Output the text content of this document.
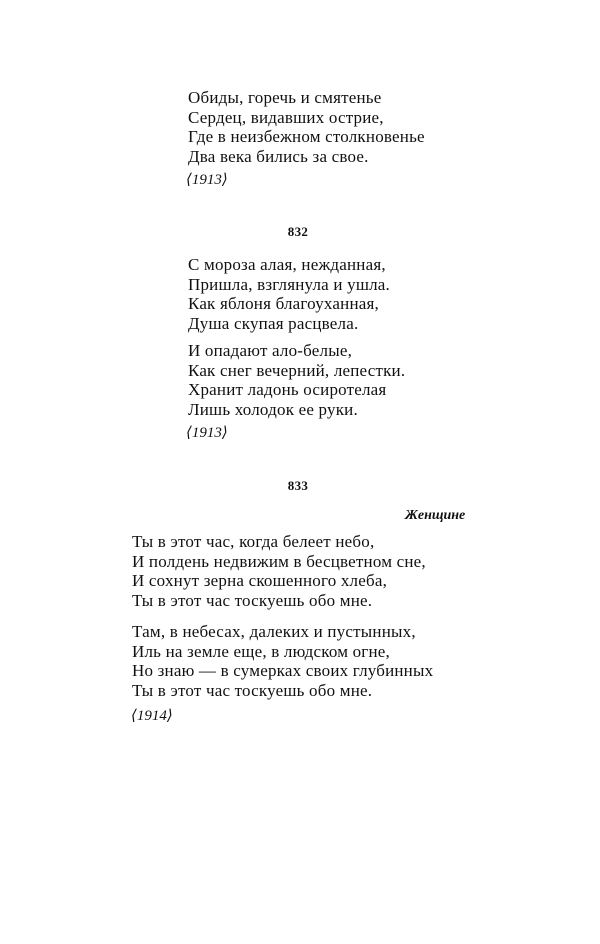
Обиды, горечь и смятенье
Сердец, видавших острие,
Где в неизбежном столкновенье
Два века бились за свое.
⟨1913⟩
832
С мороза алая, нежданная,
Пришла, взглянула и ушла.
Как яблоня благоуханная,
Душа скупая расцвела.
И опадают ало-белые,
Как снег вечерний, лепестки.
Хранит ладонь осиротелая
Лишь холодок ее руки.
⟨1913⟩
833
Женщине
Ты в этот час, когда белеет небо,
И полдень недвижим в бесцветном сне,
И сохнут зерна скошенного хлеба,
Ты в этот час тоскуешь обо мне.
Там, в небесах, далеких и пустынных,
Иль на земле еще, в людском огне,
Но знаю — в сумерках своих глубинных
Ты в этот час тоскуешь обо мне.
⟨1914⟩
